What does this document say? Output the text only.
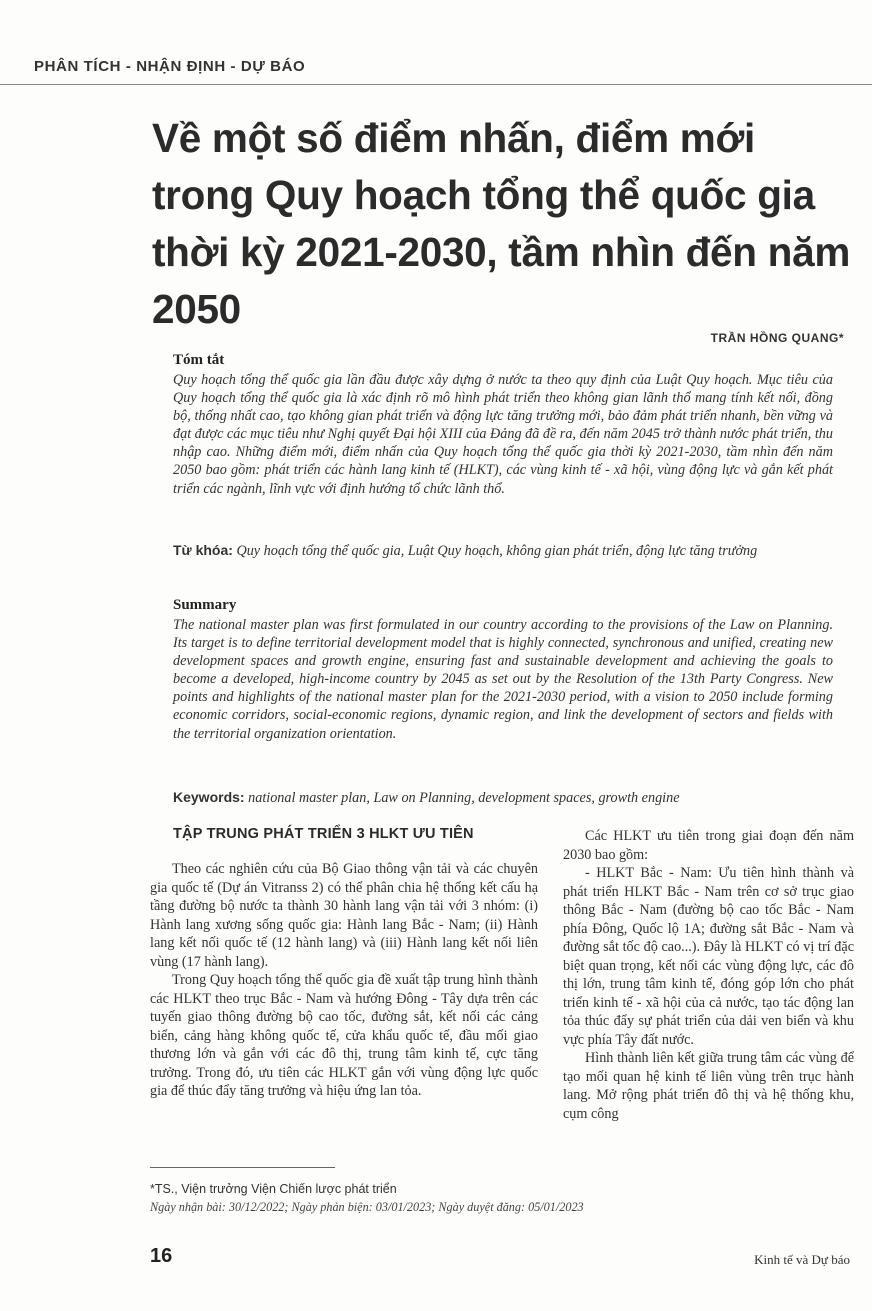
PHÂN TÍCH - NHẬN ĐỊNH - DỰ BÁO
Về một số điểm nhấn, điểm mới trong Quy hoạch tổng thể quốc gia thời kỳ 2021-2030, tầm nhìn đến năm 2050
TRẦN HỒNG QUANG*
Tóm tắt
Quy hoạch tổng thể quốc gia lần đầu được xây dựng ở nước ta theo quy định của Luật Quy hoạch. Mục tiêu của Quy hoạch tổng thể quốc gia là xác định rõ mô hình phát triển theo không gian lãnh thổ mang tính kết nối, đồng bộ, thống nhất cao, tạo không gian phát triển và động lực tăng trưởng mới, bảo đảm phát triển nhanh, bền vững và đạt được các mục tiêu như Nghị quyết Đại hội XIII của Đảng đã đề ra, đến năm 2045 trở thành nước phát triển, thu nhập cao. Những điểm mới, điểm nhấn của Quy hoạch tổng thể quốc gia thời kỳ 2021-2030, tầm nhìn đến năm 2050 bao gồm: phát triển các hành lang kinh tế (HLKT), các vùng kinh tế - xã hội, vùng động lực và gắn kết phát triển các ngành, lĩnh vực với định hướng tổ chức lãnh thổ.
Từ khóa: Quy hoạch tổng thể quốc gia, Luật Quy hoạch, không gian phát triển, động lực tăng trưởng
Summary
The national master plan was first formulated in our country according to the provisions of the Law on Planning. Its target is to define territorial development model that is highly connected, synchronous and unified, creating new development spaces and growth engine, ensuring fast and sustainable development and achieving the goals to become a developed, high-income country by 2045 as set out by the Resolution of the 13th Party Congress. New points and highlights of the national master plan for the 2021-2030 period, with a vision to 2050 include forming economic corridors, social-economic regions, dynamic region, and link the development of sectors and fields with the territorial organization orientation.
Keywords: national master plan, Law on Planning, development spaces, growth engine
TẬP TRUNG PHÁT TRIỂN 3 HLKT ƯU TIÊN

Theo các nghiên cứu của Bộ Giao thông vận tải và các chuyên gia quốc tế (Dự án Vitranss 2) có thể phân chia hệ thống kết cấu hạ tầng đường bộ nước ta thành 30 hành lang vận tải với 3 nhóm: (i) Hành lang xương sống quốc gia: Hành lang Bắc - Nam; (ii) Hành lang kết nối quốc tế (12 hành lang) và (iii) Hành lang kết nối liên vùng (17 hành lang).

Trong Quy hoạch tổng thể quốc gia đề xuất tập trung hình thành các HLKT theo trục Bắc - Nam và hướng Đông - Tây dựa trên các tuyến giao thông đường bộ cao tốc, đường sắt, kết nối các cảng biển, cảng hàng không quốc tế, cửa khẩu quốc tế, đầu mối giao thương lớn và gắn với các đô thị, trung tâm kinh tế, cực tăng trưởng. Trong đó, ưu tiên các HLKT gắn với vùng động lực quốc gia để thúc đẩy tăng trưởng và hiệu ứng lan tỏa.

Các HLKT ưu tiên trong giai đoạn đến năm 2030 bao gồm:

- HLKT Bắc - Nam: Ưu tiên hình thành và phát triển HLKT Bắc - Nam trên cơ sở trục giao thông Bắc - Nam (đường bộ cao tốc Bắc - Nam phía Đông, Quốc lộ 1A; đường sắt Bắc - Nam và đường sắt tốc độ cao...). Đây là HLKT có vị trí đặc biệt quan trọng, kết nối các vùng động lực, các đô thị lớn, trung tâm kinh tế, đóng góp lớn cho phát triển kinh tế - xã hội của cả nước, tạo tác động lan tỏa thúc đẩy sự phát triển của dải ven biển và khu vực phía Tây đất nước.

Hình thành liên kết giữa trung tâm các vùng để tạo mối quan hệ kinh tế liên vùng trên trục hành lang. Mở rộng phát triển đô thị và hệ thống khu, cụm công

*TS., Viện trưởng Viện Chiến lược phát triển
Ngày nhận bài: 30/12/2022; Ngày phản biện: 03/01/2023; Ngày duyệt đăng: 05/01/2023
16	Kinh tế và Dự báo
